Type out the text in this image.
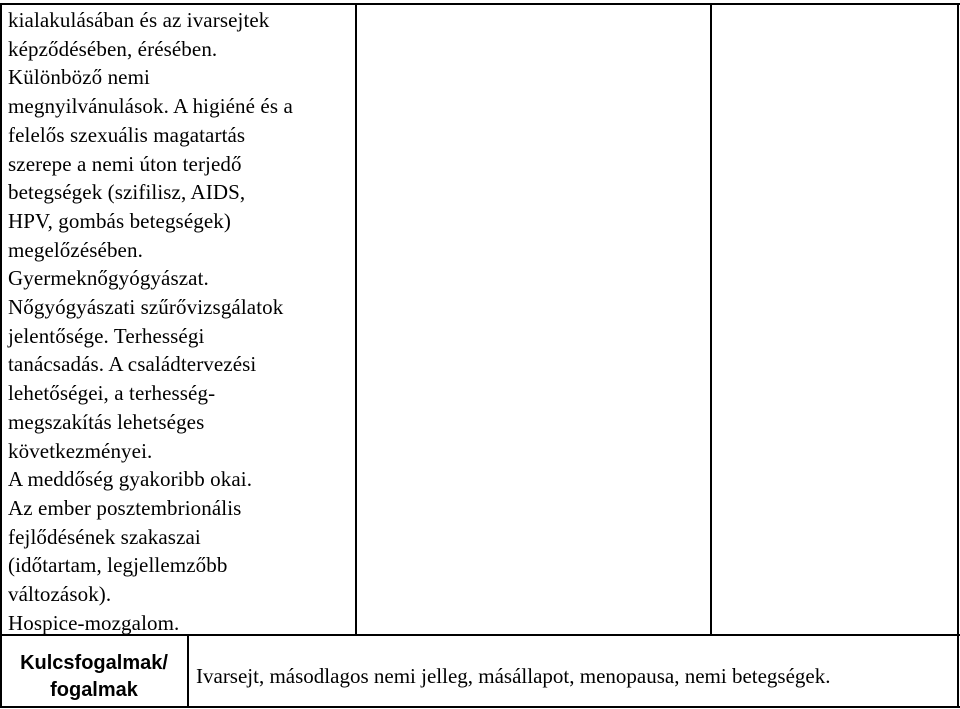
kialakulásában és az ivarsejtek
képződésében, érésében.
Különböző nemi
megnyilvánulások. A higiéné és a
felelős szexuális magatartás
szerepe a nemi úton terjedő
betegségek (szifilisz, AIDS,
HPV, gombás betegségek)
megelőzésében.
Gyermeknőgyógyászat.
Nőgyógyászati szűrővizsgálatok
jelentősége. Terhességi
tanácsadás. A családtervezési
lehetőségei, a terhesség-
megszakítás lehetséges
következményei.
A meddőség gyakoribb okai.
Az ember posztembrionális
fejlődésének szakaszai
(időtartam, legjellemzőbb
változások).
Hospice-mozgalom.
Kulcsfogalmak/
fogalmak
Ivarsejt, másodlagos nemi jelleg, másállapot, menopausa, nemi betegségek.
